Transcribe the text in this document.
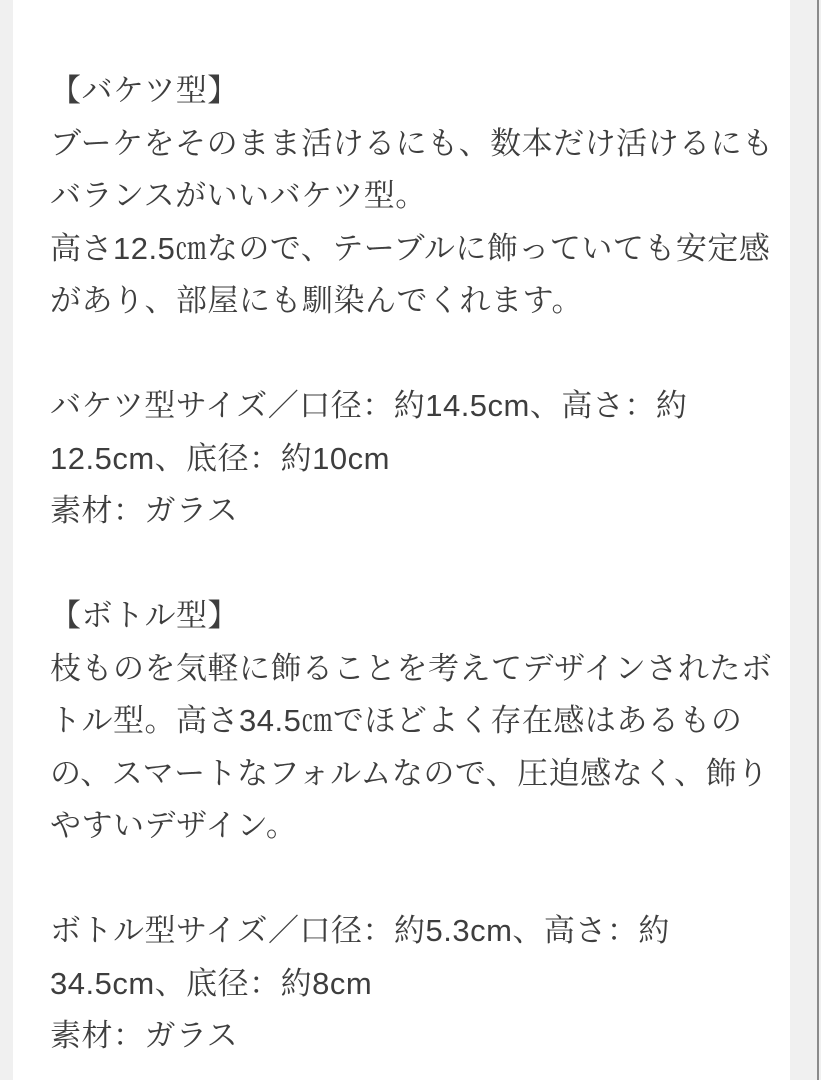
【バケツ型】
ブーケをそのまま活けるにも、数本だけ活けるにも
バランスがいいバケツ型。
高さ12.5㎝なので、テーブルに飾っていても安定感
があり、部屋にも馴染んでくれます。
バケツ型サイズ／口径：約14.5cm、高さ：約
12.5cm、底径：約10cm
素材：ガラス
【ボトル型】
枝ものを気軽に飾ることを考えてデザインされたボ
トル型。高さ34.5㎝でほどよく存在感はあるもの
の、スマートなフォルムなので、圧迫感なく、飾り
やすいデザイン。
ボトル型サイズ／口径：約5.3cm、高さ：約
34.5cm、底径：約8cm
素材：ガラス
